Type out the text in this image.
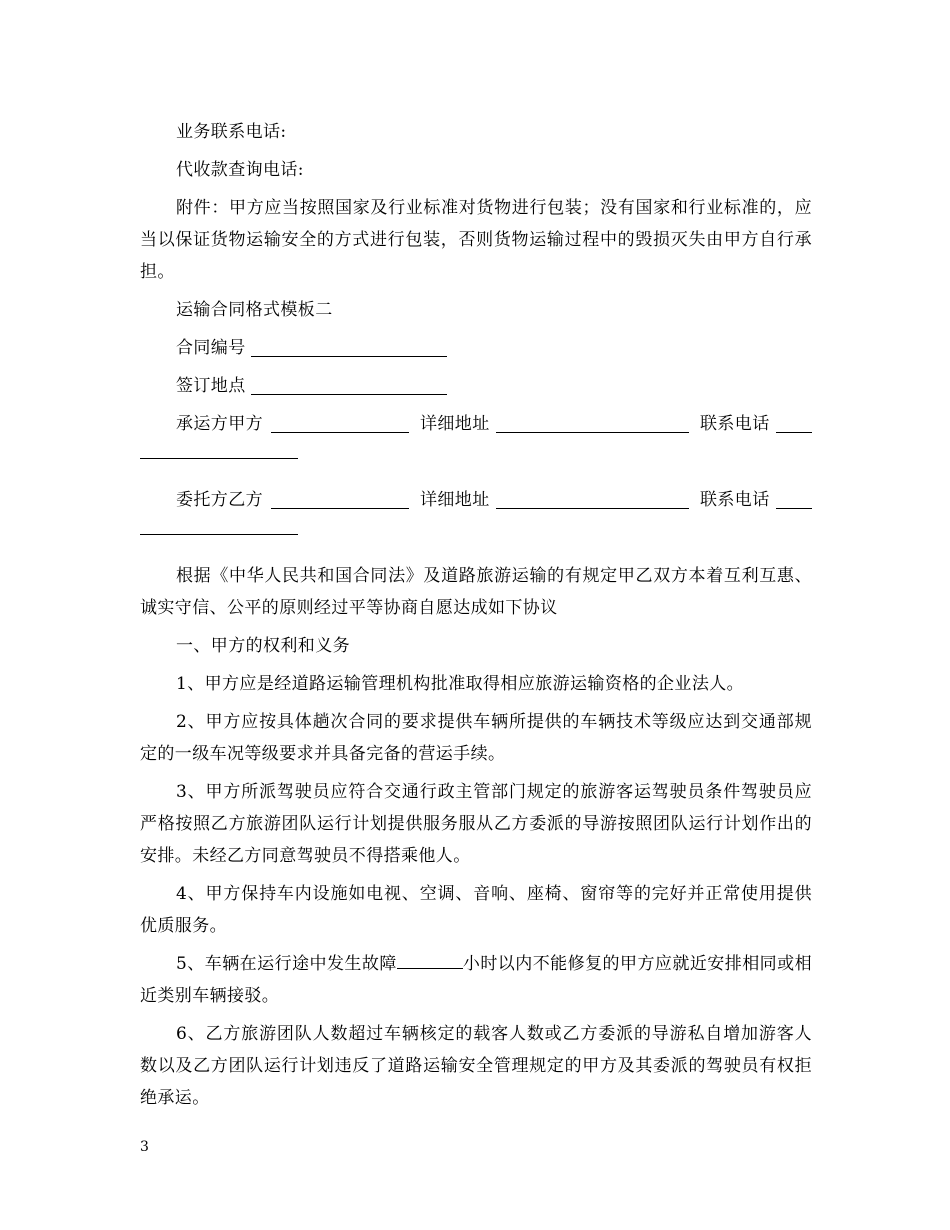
业务联系电话:

代收款查询电话:

附件：甲方应当按照国家及行业标准对货物进行包装；没有国家和行业标准的，应当以保证货物运输安全的方式进行包装，否则货物运输过程中的毁损灭失由甲方自行承担。

运输合同格式模板二

合同编号
签订地点
承运方甲方	详细地址	联系电话
委托方乙方	详细地址	联系电话

根据《中华人民共和国合同法》及道路旅游运输的有规定甲乙双方本着互利互惠、诚实守信、公平的原则经过平等协商自愿达成如下协议

一、甲方的权利和义务

1、甲方应是经道路运输管理机构批准取得相应旅游运输资格的企业法人。

2、甲方应按具体趟次合同的要求提供车辆所提供的车辆技术等级应达到交通部规定的一级车况等级要求并具备完备的营运手续。

3、甲方所派驾驶员应符合交通行政主管部门规定的旅游客运驾驶员条件驾驶员应严格按照乙方旅游团队运行计划提供服务服从乙方委派的导游按照团队运行计划作出的安排。未经乙方同意驾驶员不得搭乘他人。

4、甲方保持车内设施如电视、空调、音响、座椅、窗帘等的完好并正常使用提供优质服务。

5、车辆在运行途中发生故障	小时以内不能修复的甲方应就近安排相同或相近类别车辆接驳。

6、乙方旅游团队人数超过车辆核定的载客人数或乙方委派的导游私自增加游客人数以及乙方团队运行计划违反了道路运输安全管理规定的甲方及其委派的驾驶员有权拒绝承运。

3
